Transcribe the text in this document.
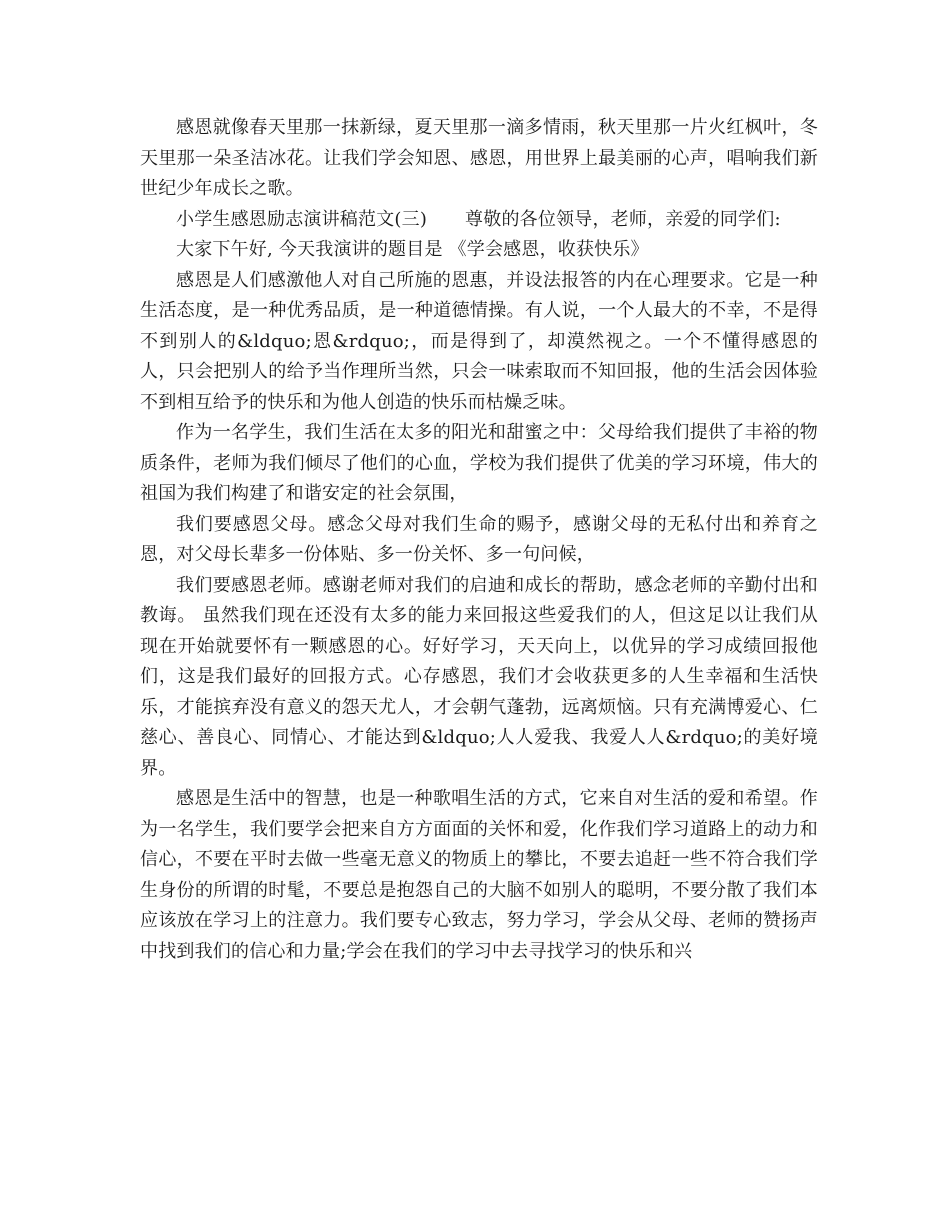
感恩就像春天里那一抹新绿，夏天里那一滴多情雨，秋天里那一片火红枫叶，冬天里那一朵圣洁冰花。让我们学会知恩、感恩，用世界上最美丽的心声，唱响我们新世纪少年成长之歌。

小学生感恩励志演讲稿范文(三) 尊敬的各位领导，老师，亲爱的同学们:

大家下午好, 今天我演讲的题目是 《学会感恩，收获快乐》

感恩是人们感激他人对自己所施的恩惠，并设法报答的内在心理要求。它是一种生活态度，是一种优秀品质，是一种道德情操。有人说，一个人最大的不幸，不是得不到别人的&ldquo;恩&rdquo;，而是得到了，却漠然视之。一个不懂得感恩的人，只会把别人的给予当作理所当然，只会一味索取而不知回报，他的生活会因体验不到相互给予的快乐和为他人创造的快乐而枯燥乏味。

作为一名学生，我们生活在太多的阳光和甜蜜之中：父母给我们提供了丰裕的物质条件，老师为我们倾尽了他们的心血，学校为我们提供了优美的学习环境，伟大的祖国为我们构建了和谐安定的社会氛围，

我们要感恩父母。感念父母对我们生命的赐予，感谢父母的无私付出和养育之恩，对父母长辈多一份体贴、多一份关怀、多一句问候，

我们要感恩老师。感谢老师对我们的启迪和成长的帮助，感念老师的辛勤付出和教诲。 虽然我们现在还没有太多的能力来回报这些爱我们的人，但这足以让我们从现在开始就要怀有一颗感恩的心。好好学习，天天向上，以优异的学习成绩回报他们，这是我们最好的回报方式。心存感恩，我们才会收获更多的人生幸福和生活快乐，才能摈弃没有意义的怨天尤人，才会朝气蓬勃，远离烦恼。只有充满博爱心、仁慈心、善良心、同情心、才能达到&ldquo;人人爱我、我爱人人&rdquo;的美好境界。

感恩是生活中的智慧，也是一种歌唱生活的方式，它来自对生活的爱和希望。作为一名学生，我们要学会把来自方方面面的关怀和爱，化作我们学习道路上的动力和信心，不要在平时去做一些毫无意义的物质上的攀比，不要去追赶一些不符合我们学生身份的所谓的时髦，不要总是抱怨自己的大脑不如别人的聪明，不要分散了我们本应该放在学习上的注意力。我们要专心致志，努力学习，学会从父母、老师的赞扬声中找到我们的信心和力量;学会在我们的学习中去寻找学习的快乐和兴
